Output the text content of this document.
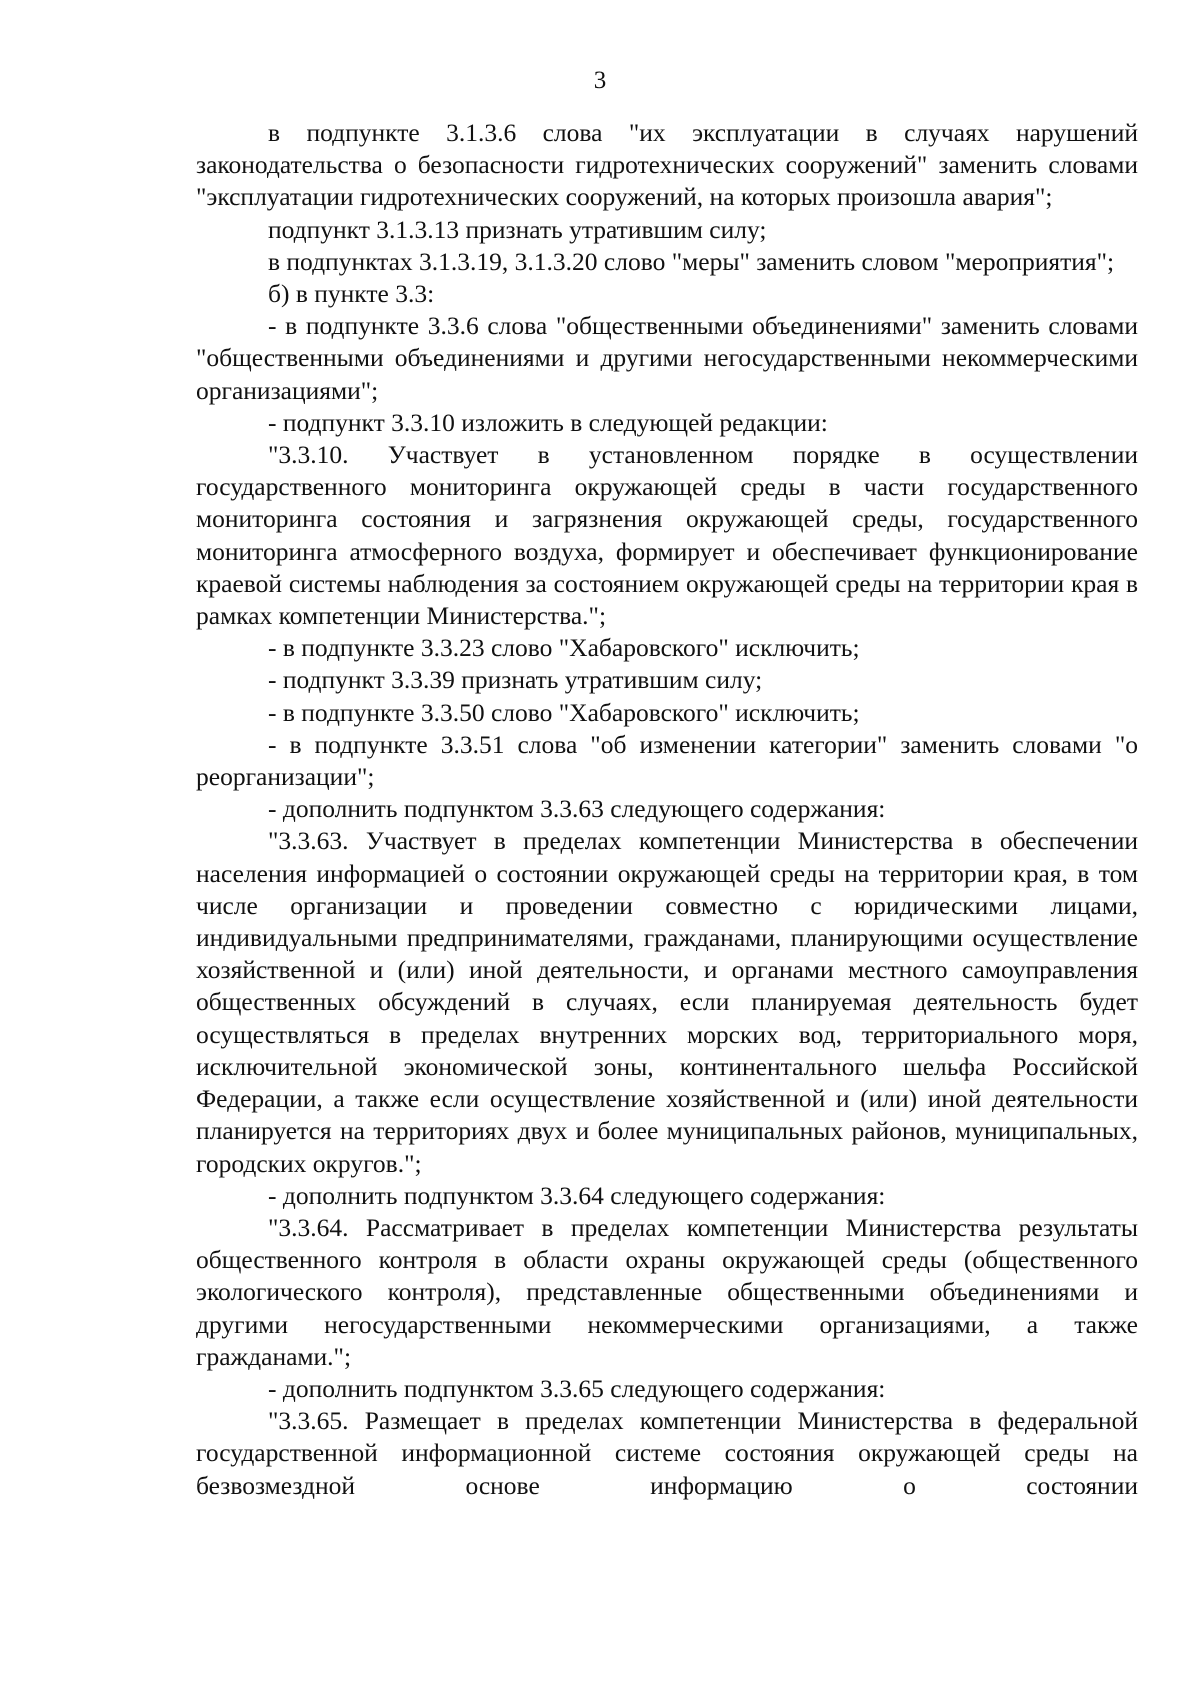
3

в подпункте 3.1.3.6 слова "их эксплуатации в случаях нарушений законодательства о безопасности гидротехнических сооружений" заменить словами "эксплуатации гидротехнических сооружений, на которых произошла авария";

подпункт 3.1.3.13 признать утратившим силу;

в подпунктах 3.1.3.19, 3.1.3.20 слово "меры" заменить словом "мероприятия";

б) в пункте 3.3:

- в подпункте 3.3.6 слова "общественными объединениями" заменить словами "общественными объединениями и другими негосударственными некоммерческими организациями";

- подпункт 3.3.10 изложить в следующей редакции:

"3.3.10. Участвует в установленном порядке в осуществлении государственного мониторинга окружающей среды в части государственного мониторинга состояния и загрязнения окружающей среды, государственного мониторинга атмосферного воздуха, формирует и обеспечивает функционирование краевой системы наблюдения за состоянием окружающей среды на территории края в рамках компетенции Министерства.";

- в подпункте 3.3.23 слово "Хабаровского" исключить;

- подпункт 3.3.39 признать утратившим силу;

- в подпункте 3.3.50 слово "Хабаровского" исключить;

- в подпункте 3.3.51 слова "об изменении категории" заменить словами "о реорганизации";

- дополнить подпунктом 3.3.63 следующего содержания:

"3.3.63. Участвует в пределах компетенции Министерства в обеспечении населения информацией о состоянии окружающей среды на территории края, в том числе организации и проведении совместно с юридическими лицами, индивидуальными предпринимателями, гражданами, планирующими осуществление хозяйственной и (или) иной деятельности, и органами местного самоуправления общественных обсуждений в случаях, если планируемая деятельность будет осуществляться в пределах внутренних морских вод, территориального моря, исключительной экономической зоны, континентального шельфа Российской Федерации, а также если осуществление хозяйственной и (или) иной деятельности планируется на территориях двух и более муниципальных районов, муниципальных, городских округов.";

- дополнить подпунктом 3.3.64 следующего содержания:

"3.3.64. Рассматривает в пределах компетенции Министерства результаты общественного контроля в области охраны окружающей среды (общественного экологического контроля), представленные общественными объединениями и другими негосударственными некоммерческими организациями, а также гражданами.";

- дополнить подпунктом 3.3.65 следующего содержания:

"3.3.65. Размещает в пределах компетенции Министерства в федеральной государственной информационной системе состояния окружающей среды на безвозмездной основе информацию о состоянии
